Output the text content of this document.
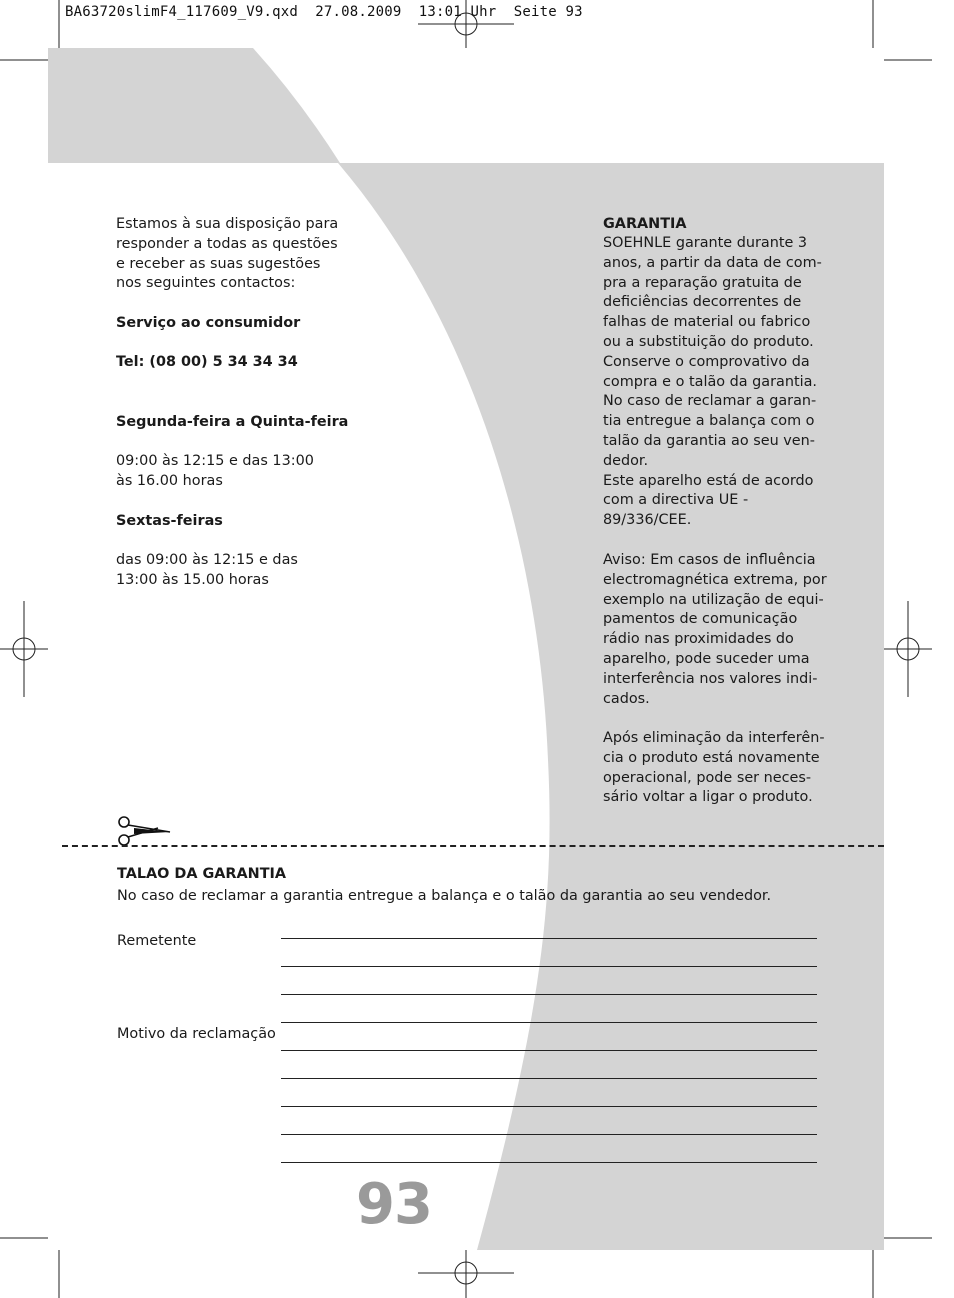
BA63720slimF4_117609_V9.qxd  27.08.2009  13:01 Uhr  Seite 93

Estamos à sua disposição para
responder a todas as questões
e receber as suas sugestões
nos seguintes contactos:

Serviço ao consumidor
Tel: (08 00) 5 34 34 34
Segunda-feira a Quinta-feira

09:00 às 12:15 e das 13:00
às 16.00 horas

Sextas-feiras

das 09:00 às 12:15 e das
13:00 às 15.00 horas

GARANTIA

SOEHNLE garante durante 3
anos, a partir da data de com-
pra a reparação gratuita de
deficiências decorrentes de
falhas de material ou fabrico
ou a substituição do produto.
Conserve o comprovativo da
compra e o talão da garantia.
No caso de reclamar a garan-
tia entregue a balança com o
talão da garantia ao seu ven-
dedor.
Este aparelho está de acordo
com a directiva UE -
89/336/CEE.

Aviso: Em casos de influência
electromagnética extrema, por
exemplo na utilização de equi-
pamentos de comunicação
rádio nas proximidades do
aparelho, pode suceder uma
interferência nos valores indi-
cados.

Após eliminação da interferên-
cia o produto está novamente
operacional, pode ser neces-
sário voltar a ligar o produto.

TALAO DA GARANTIA
No caso de reclamar a garantia entregue a balança e o talão da garantia ao seu vendedor.
Remetente
Motivo da reclamação
93
